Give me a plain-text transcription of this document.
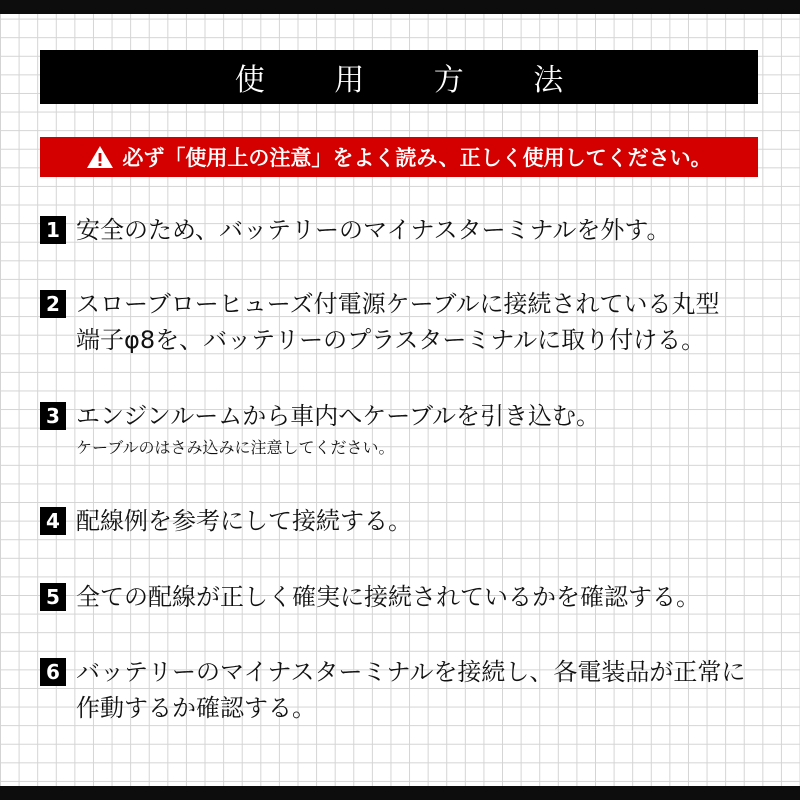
使 用 方 法
必ず「使用上の注意」をよく読み、正しく使用してください。
1 安全のため、バッテリーのマイナスターミナルを外す。
2 スローブローヒューズ付電源ケーブルに接続されている丸型
端子φ8を、バッテリーのプラスターミナルに取り付ける。
3 エンジンルームから車内へケーブルを引き込む。
ケーブルのはさみ込みに注意してください。
4 配線例を参考にして接続する。
5 全ての配線が正しく確実に接続されているかを確認する。
6 バッテリーのマイナスターミナルを接続し、各電装品が正常に
作動するか確認する。
